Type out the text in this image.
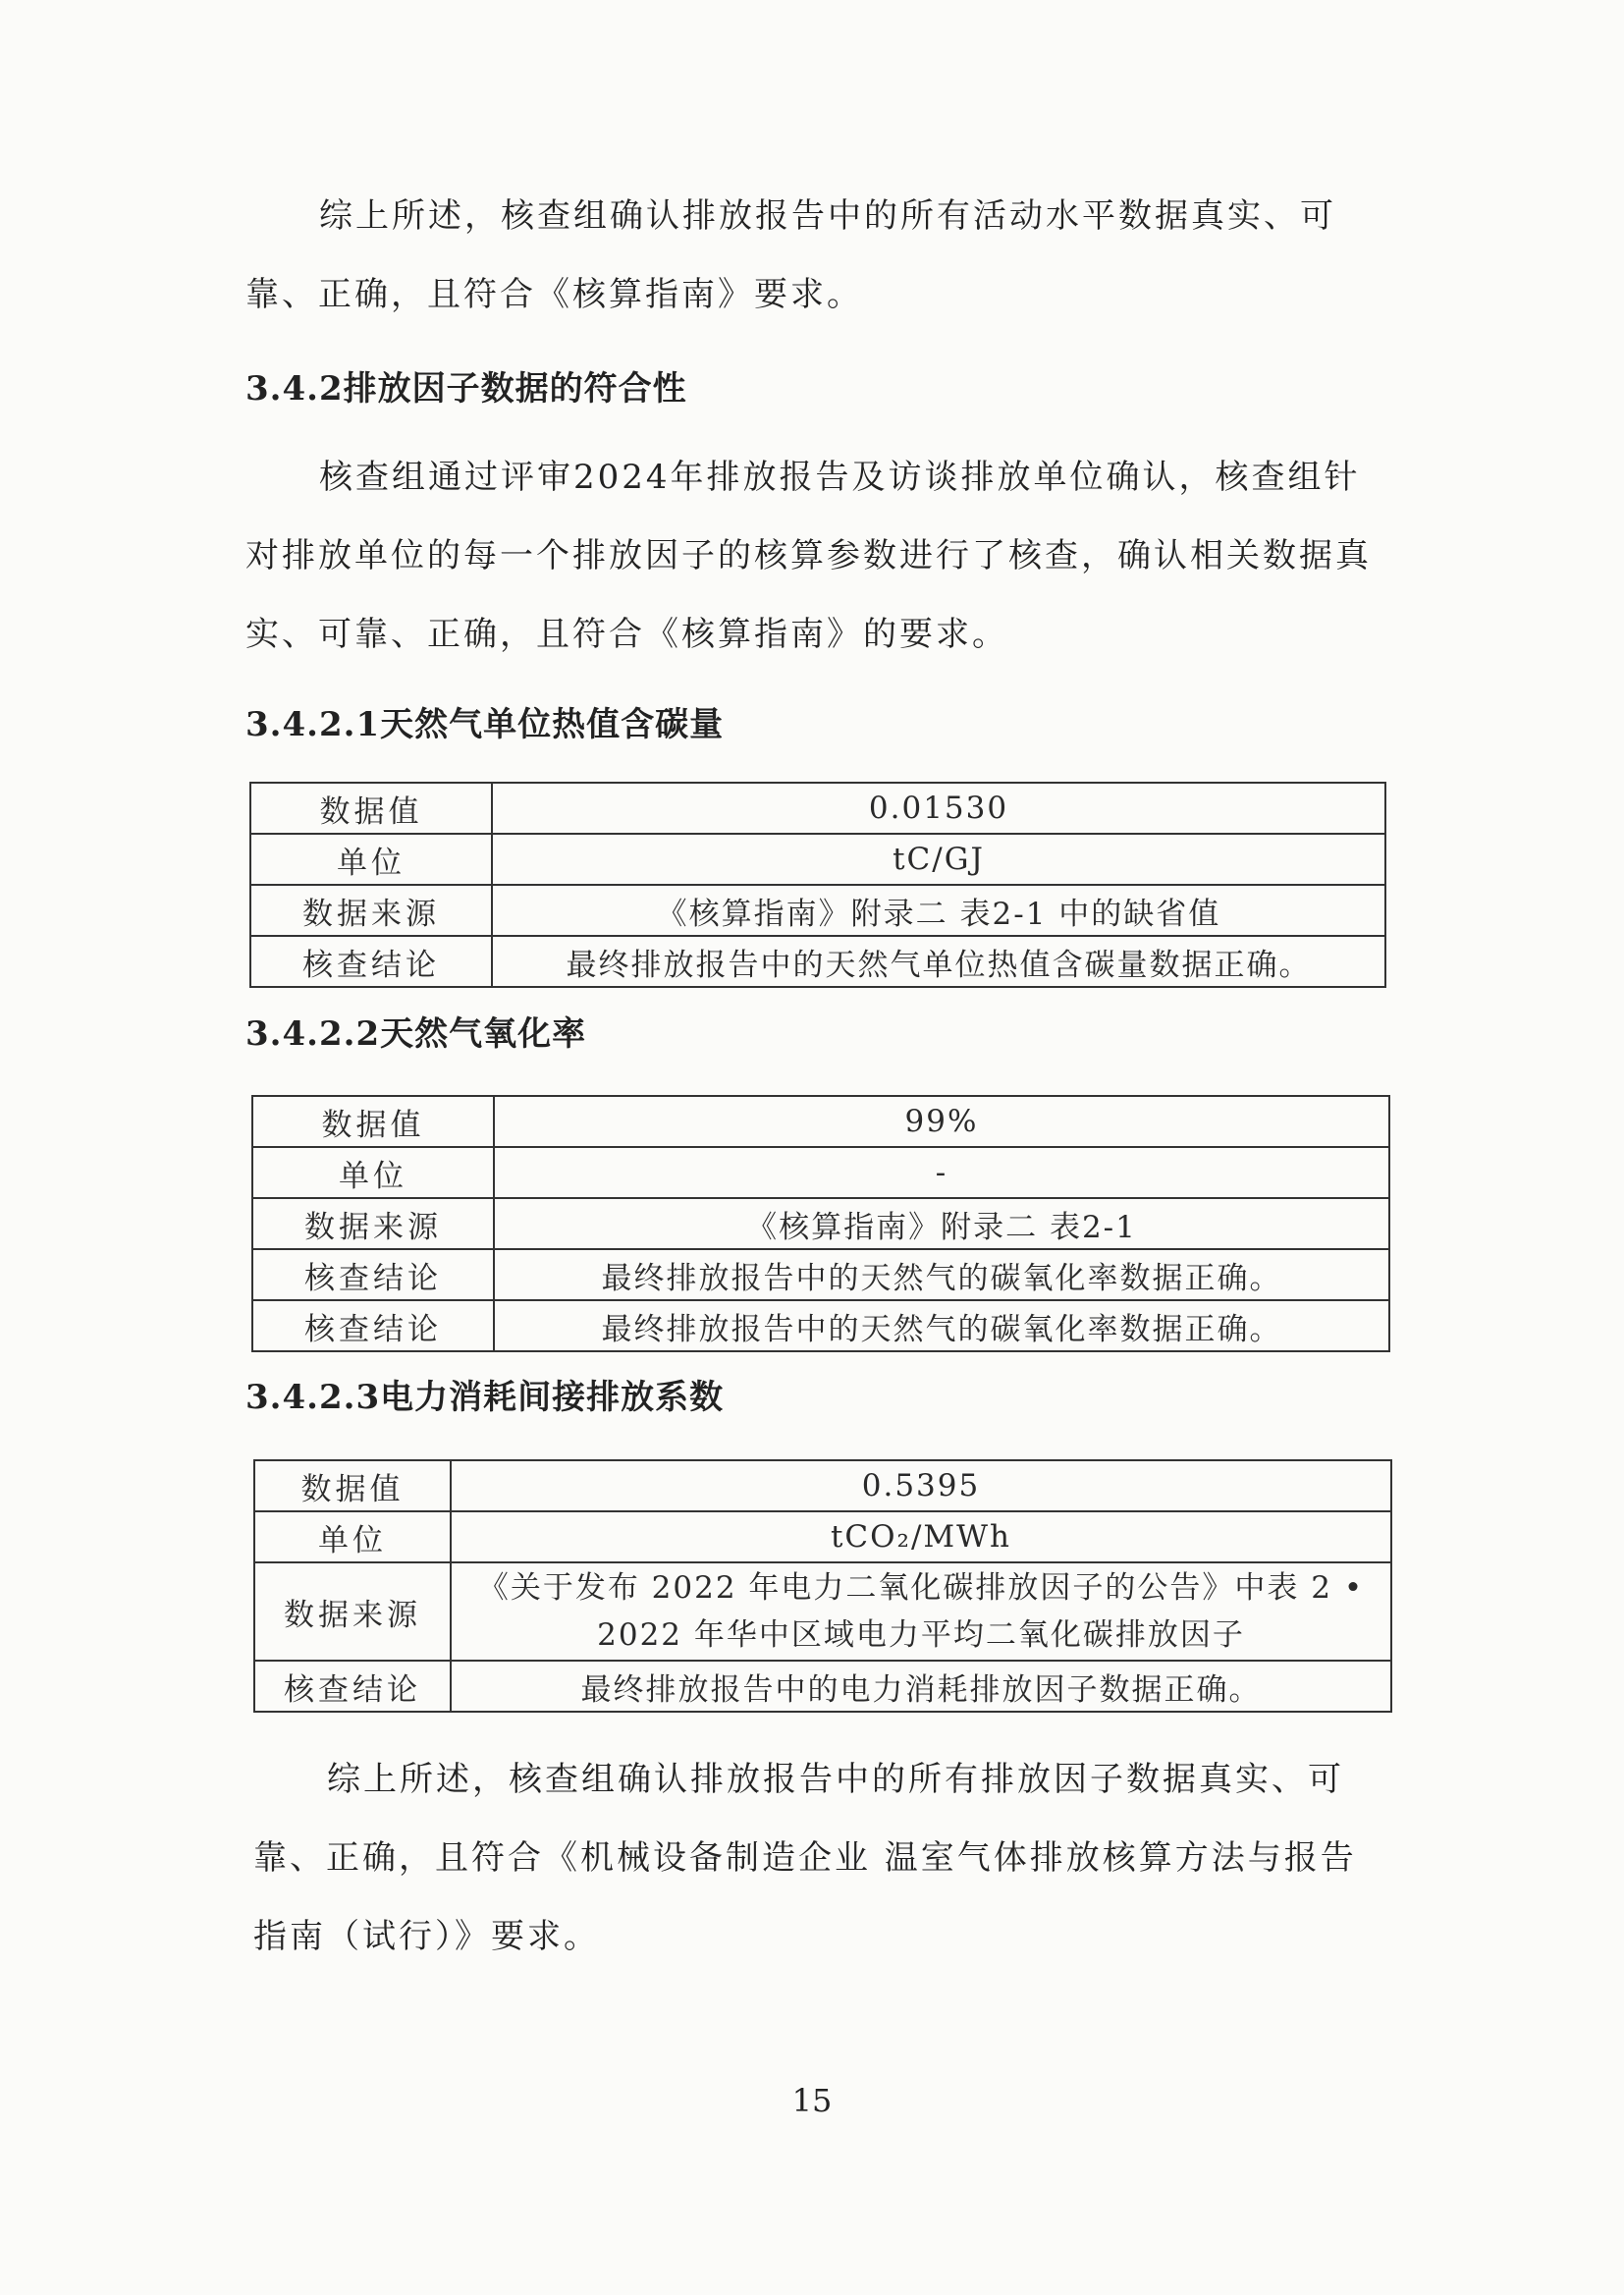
综上所述，核查组确认排放报告中的所有活动水平数据真实、可靠、正确，且符合《核算指南》要求。

3.4.2排放因子数据的符合性

核查组通过评审2024年排放报告及访谈排放单位确认，核查组针对排放单位的每一个排放因子的核算参数进行了核查，确认相关数据真实、可靠、正确，且符合《核算指南》的要求。

3.4.2.1天然气单位热值含碳量
数据值	0.01530
单位	tC/GJ
数据来源	《核算指南》附录二 表2-1 中的缺省值
核查结论	最终排放报告中的天然气单位热值含碳量数据正确。
3.4.2.2天然气氧化率
数据值	99%
单位	-
数据来源	《核算指南》附录二 表2-1
核查结论	最终排放报告中的天然气的碳氧化率数据正确。
核查结论	最终排放报告中的天然气的碳氧化率数据正确。
3.4.2.3电力消耗间接排放系数
数据值	0.5395
单位	tCO₂/MWh
数据来源	《关于发布 2022 年电力二氧化碳排放因子的公告》中表 2 • 2022 年华中区域电力平均二氧化碳排放因子
核查结论	最终排放报告中的电力消耗排放因子数据正确。

综上所述，核查组确认排放报告中的所有排放因子数据真实、可靠、正确，且符合《机械设备制造企业 温室气体排放核算方法与报告指南（试行）》要求。

15
